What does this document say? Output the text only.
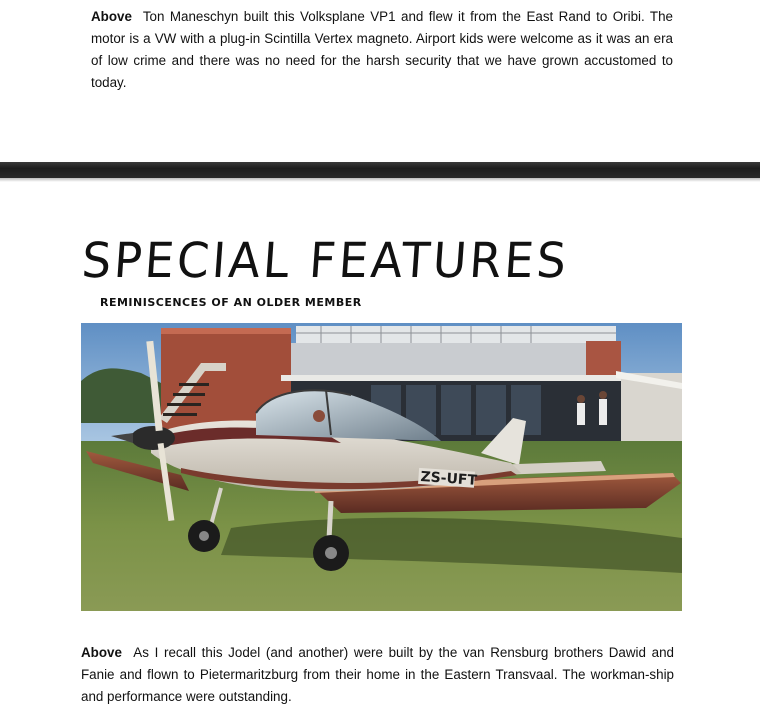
Above Ton Maneschyn built this Volksplane VP1 and flew it from the East Rand to Oribi. The motor is a VW with a plug-in Scintilla Vertex magneto. Airport kids were welcome as it was an era of low crime and there was no need for the harsh security that we have grown accustomed to today.

SPECIAL FEATURES
REMINISCENCES OF AN OLDER MEMBER
ZS-UFT

Above As I recall this Jodel (and another) were built by the van Rensburg brothers Dawid and Fanie and flown to Pietermaritzburg from their home in the Eastern Transvaal. The workman-ship and performance were outstanding.
